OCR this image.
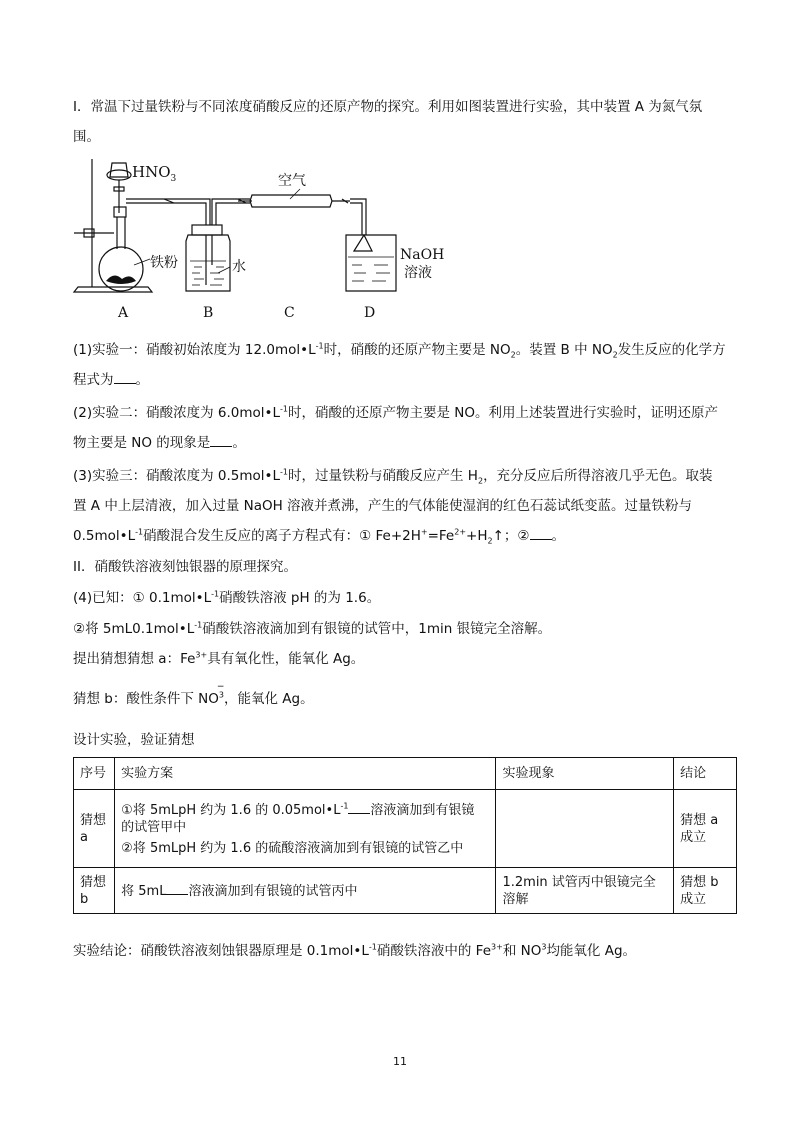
I．常温下过量铁粉与不同浓度硝酸反应的还原产物的探究。利用如图装置进行实验，其中装置 A 为氮气氛
围。
$HNO_3$
铁粉	水
空气
NaOH
溶液
A	B	C	D
(1)实验一：硝酸初始浓度为 $12.0mol•L^{-1}$时，硝酸的还原产物主要是 $NO_2$。装置 B 中 $NO_2$发生反应的化学方
程式为 。
(2)实验二：硝酸浓度为 $6.0mol•L^{-1}$时，硝酸的还原产物主要是 NO。利用上述装置进行实验时，证明还原产
物主要是 NO 的现象是 。
(3)实验三：硝酸浓度为 $0.5mol•L^{-1}$时，过量铁粉与硝酸反应产生 $H_2$，充分反应后所得溶液几乎无色。取装
置 A 中上层清液，加入过量 NaOH 溶液并煮沸，产生的气体能使湿润的红色石蕊试纸变蓝。过量铁粉与
$0.5mol•L^{-1}$硝酸混合发生反应的离子方程式有：① $Fe+2H^+=Fe^{2+}+H_2↑$；② 。
II．硝酸铁溶液刻蚀银器的原理探究。
(4)已知：① $0.1mol•L^{-1}$硝酸铁溶液 pH 的为 1.6。
②将 $5mL0.1mol•L^{-1}$硝酸铁溶液滴加到有银镜的试管中，1min 银镜完全溶解。
提出猜想猜想 a：$Fe^{3+}$具有氧化性，能氧化 Ag。
猜想 b：酸性条件下 $NO^3$
−
，能氧化 Ag。
设计实验，验证猜想
序号	实验方案	实验现象	结论
猜想 a	①将 5mLpH 约为 1.6 的 $0.05mol•L^{-1}$ 溶液滴加到有银镜
的试管甲中
②将 5mLpH 约为 1.6 的硫酸溶液滴加到有银镜的试管乙中		猜想 a 成立
猜想 b	将 5mL 溶液滴加到有银镜的试管丙中	1.2min 试管丙中银镜完全溶解	猜想 b 成立
实验结论：硝酸铁溶液刻蚀银器原理是 $0.1mol•L^{-1}$硝酸铁溶液中的 $Fe^{3+}$和 $NO^3$均能氧化 Ag。
11
